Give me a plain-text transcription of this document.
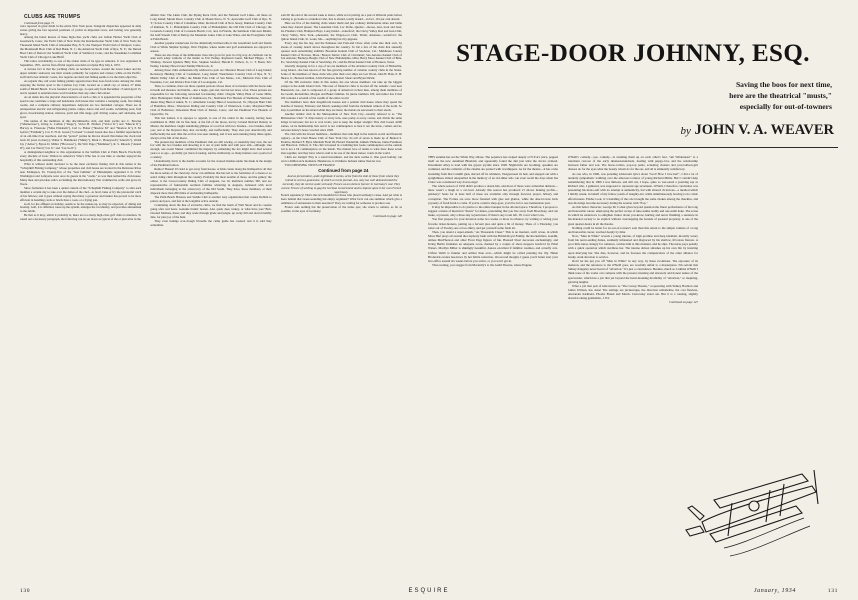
CLUBS ARE TRUMPS

Continued from page 71

were reported in great detail in the entire New York press. Telegram dispatches appeared in daily extras giving the fast reported positions of yachts in important races, and betting was generally heavy.

Among the better known of these high-class yacht clubs are: Indian Harbor Yacht Club of Greenwich, Conn.; the Yacht Club of New York; the Knickerbocker Yacht Club of New York; the Thousand Island Yacht Club of Alexander Bay, N. Y.; the Westport Yacht Club of Westport, Conn.; the Monmouth Boat Club of Red Bank, N. J.; the American Yacht Club of Rye, N. Y.; the Detroit Boat Club of Detroit; the Stamford Yacht Club of Stamford, Conn.; and the Susanhaka Corinthian Yacht Club of Chicago's Lake Bluff.

This latter, incidentally, is one of the oldest clubs of its type in America. It was organized in September, 1871, and its first official regatta was held on Oyster Bay July 4, 1872.

A curious fact is that the yachting clubs on northern waters, around the Great Lakes and the upper Atlantic seaboard, use their vessels primarily for regattas and cruises; while on the Pacific, Gulf and lower Atlantic coasts, few regattas are held and fishing seems to be the main objective.

As regards this, salt water fishing plainly appeals more than does fresh water. Among the clubs enjoying the former sport is the Catalina Cay Club, located on a small cay, or island, 27 miles south of Miami Beach. It was founded 14 years ago, is open only from December 15 until April 15, and is reputed to entertain more world notables than any other club extant.

As an index into the physical characteristics of such a club, it is appended the properties of the special one constitute a large and handsome club house that contains a lounging room, five dining rooms, and a complete culinary department. Adjacent are two furnished cottages. There are in juxtaposition electric and refrigerating plants, ramps, dance and surf rooms, swimming pool, fruit grove, broadcasting station, wharves, pavil and rifle range, golf driving course, surf airdrome, and sport.

The names of the members of this discriminative club, and their yachts are: C. Bowder ("Mannerwee"), Irving A. Collins ("Tango"), Victor H. Ehrhart ("Victor K") and "Muscle II"), Harvey A. Firestone ("Miss Elizabeth"), Carl G. Fisher ("Shadow M" and "Shadow K"), P. M. Gefart ("Fairhulk"), Col. E. H. R. Green ("Colonel" Colonel Green also has a faithful reproduction of an old-time river steerboat, and the "period" parties he throws aboard this makes the clock turn back 20 years in merry), Walter S. Hammond ("Mirny"), Mark C. Honeywell ("Altervix"), Walsh Jay ("Adios"), Byron D. Miller ("Brown-ie"), Du Witt Page ("Mammee"), R. S. Rhoads ("Anand II"), and Car Ward ("Car Jr." and "Car-So II").

A distinguished neighbor to this organization is the Sailfish Club at Palm Beach. Practically every disciple of Isaac Walton in America's Who's Who has at one time or another enjoyed the hospitality of this outstanding club.

What is without doubt declared to be the most exclusive fishing club in this nation is the "Schuylkill Fishing Company," whose properties and club house are located in the Delaware River near Eddington, Pa. Twenty-five of the "best families" of Philadelphia organized it in 1732. Washington and Lafayette were once its guests in the "castle," as was then termed the club-house. Many men and priceless relics acclaiming the Revolutionary War crammed its walls and grace its floors.

Since formation it has been a quaint custom of the "Schuylkill Fishing Company" to allot each member a certain day to take over the duties of the chef—to broil, bake or fry the piscatorial catch of his fellows; and it goes without saying that many a governor and banker has proved to be more efficient in handling cards or briefs than a cook, or a frying pan.

Golf, for the affluent on holiday, seems to be the runner-up, as may be expected, of dining and boating. Golf, it is affirmed, tones up the system, enlarges the vocabulary, and provides amusement to the subtle.

Be that as it may, which it probably is, there are too many high-class golf clubs to mention. To round out a necessary paragraph, the following can be set down as typical of the or plus ultra in the

athletic line: The Links Club, the Piping Rock Club, and the National Golf Links—all these on Long Island; Mount Kisco Country Club of Mount Kisco, N. Y.; Apawamis Golf Club of Rye, N. Y.; Scioto Country Club of Columbus, Ohio; the Knoll Club of New Jersey; Rumson Country Club of Rumson, N. J.; Philadelphia Country Club of Philadelphia; the Old Elm Club of Chicago; the Coronado Country Club of Coronado Beach, Cal.; and, in Florida, the Seminole Club near Miami, the Gulf Stream Club at Delray, the Mountain Lakes Club at Lake Wales, and the Everglades Club at Palm Beach.

Another popular rendezvous for the athletically inclined elite is the Greenbrier Golf and Tennis Club at White Sulphur Springs, West Virginia, where tennis and golf tournaments are enjoyed in season.

There are also those of the millionaire class who go in for polo in a big way. At clubdom can be seen such adept winfolio of the mallet as Eric Pedley, Raymond Guest, Michael Phipps, J. H. Whitney, Stewart Iglehart, Billy Post, Stephen Sanford, Harold E. Talbott, Jr., C. T. Boutt, Eric Pedley, Lindsey Howard and Tommy Hitchcock, Jr.

Among those clubs enthusiastically addicted to polo are: Meadow Brook Club of Long Island; Rockaway Hunting Club of Cedarhurst, Long Island; Westchester Country Club of Rye, N. Y.; Miami Valley Club of Ohio; the Miami Polo Club of San Mateo, Cal.; Midwick Polo Club of Pasadena, Cal.; and Riviera Polo Club of Los Angeles, Cal.

Then, to continue, there are those opulent persons whose ideas of recreation with the horse take in heath and meadow and hurdle—also a bugle, gun and, last but not least, a fox. These persons are responsible for the following renowned fox-hunting clubs: Chagrin Valley Hunt of Gates Mills, Ohio; Huntingdon Valley Hunt of Jenkintown, Pa.; Shelburne Fox Hounds of Shelburne, Vermont; Aiken Drag Hunt of Aiken, N. C.; Albemarle County Hunt of Greenwood, Va.; Myopia Hunt Club of Hamilton, Mass.; Watertown Riding and Country Club of Watertown, Conn.; Maryland Hunt Club of Baltimore; Onwentsia Hunt Club of Darien, Conn.; and the Piedmont Fox Hounds of Upperville, Va.

This last named, it is apropos to append, is one of the oldest in the country, having been established in 1840. On its fine hunt, at the fall of the moon, led by Colonel Richard Dulany as Master, the members caught tantalizing glimpse of a red fox with two brushes—two brushes, mind you; and at the Reynard they shot excitedly, and ineffectually. They shot just anarchically and ineffectually the next time the red fox was seen running, and it was seen running many times again, always at the full of the moon.

The present-day members of the Piedmont club are still sawing, or staunchly they aver, the red fox with the two brushes and shooting at it out of pain habit and with poor aim—although, true enough, one recent Master committed the majesty by remarking the fox might have died several years or so ago—probably got tired of teasing, said he stubbornly, so many hunters over a period of a century.

Undoubtedly, but it is the double accounts for the creased brushes under the mask in the design of the Piedmont button.

Rumor! Honest! It's hard to get away from horses. A brisk canter along the bridlepath is all that the more sedate of the chevrony clever can ambition that has led to the formation of a dozen or so select riding clubs throughout the country. Probably the most notable of these, and the gamey: the oldest, is the Cross-Country Riding Club of Augusta, Ga. Its members number 300, and are representative of fashionable northern families wintering in Augusta, bolstered with local individuals belonging to the aristocracy of the Old South. They have, these members, at their disposal more than 200 miles of enchanting bridlepaths.

The Palm Beach Harness and Saddle Club is another tony organization that causes Dobbin to prance and pace, and feet at the longtime active outside.

Continuing down the line of exclusive clubs, we find the beam of Wall Street and its cousins going after real bears. Genuine bruins' beaten. Also quail, deer, turkey, or what have you? Bob-blooded Molians, these; and they wade through glade and jungle, up rocky hill and down brambly dale, for pure joy of the hunt.

They even indulge scot-clough bivouths the camp guide has cooked; and it is said they sometimes

wait till the end of the second week to shave, while as far parting on a pair of different pants before barking to go home to a hundred valet, that is absurd, totally absurd—in fact, 101 per cent absurd.

Here are five of the hunting clubs where multi and just ordinary millionaires share and bathe when they darned please: The Lauentian Club, Lac Perlie, Quebec—moose, deer, trout and bass; the Flanders Club, Hampton Bays, Long Island—waterfowl; the Chevy Valley Rod and Gun Club, Chevy Valley, New York—pheasants; the Wagon-oca Club, Yuriel, Arkansas—waterfowl; the Quiver Island Club, St. Louis, Mo.—anything but city-pigeons.

Every dog has his day, and the Pekinese and Pom-and Chow often come into their own, by means of swanky bench shows throughout the country. To list a few of the clubs that annually sponsor such entertaining exhibits: Brookton Kennel Club of Stockton, Cal.; Middlesex County Kennel Club of Newton, Mass.; Boston Terrier Club of Cincinnati; San Antonio Kennel Club of San Antonio; Buckeye Beagle Club of New Philadelphia, Ohio; Berry Moor Kennel Club of Bala, Pa.; Sewickley Kennel Club of Sewickley, Pa.; and the Dixie Kennel Club of Houston, Texas.

Literally dropping in for a cup of tea are members of the Aviation Country Club of Hicksville, Long Island—the best known of the fast-growing number of aviation country clubs in the States. Some of the members of these clubs who pilot their own ships are Gar Wood, John H. Hale, E. H. Hearst, Jr., Bernard Gimbel, Alvin Patterson, Robert Stuart and Bryan DuVal.

Of the 300 exclusive clubs in this nation, the one whose members can take up the biggest jackpot is the Adult Island Club. This nest of financial clubs is located off the Atlantic coast near Brunswick, Ga., and is composed of a group of America's richest men, among them members of the Gould, Rockefeller, Morgan and Baker families. Its junior numbers 100, and rumor has it that 100 contains a seventh of the wealth of the entire world.

The members have their magnificent houses and a palatial club house where they spend the months of January, February and March, seeking relief from the inclement winters of the north. So may is permitted on the island while they are there; the maids are surcessant to their snarls.

Another similar club in the Metropolitan of New York City—usually referred to as "The Millionaires Club." It drips luxury at every turn, uses pomp at every corner, and divide the same things in between; but not to wax ironic, just to keep the ledger straight: This club boasts 4,000 names, on its membership lists and it is not commonplace to hear it not the turns, comers and in-between luxury's been crowded since 1828.

The club with the fewest members—members that rank high in the nation's social and financial registry—is the Chart House Club of New York City. Its roll of seven is made up of Benton S. Prentice, Richard F. Byrd, Marshall Field III, Harold Vanderbilt, Almeric Hebreus, James Fenimore and Harold A. Talbott, Jr. The club is housed in a building that looks commonplace on the outside but is not a bit commonplace on the inside. The mutual love of tennis is what drew these seven men together, and they have what is said to be one of the finest indoor courts in the world.

Clubs are trumps! Play is a suard investment, and the deck realise it. One good holiday can avert a million sick moments. Henderson, is it hitherto luckiest rumor than he wot.

TWO OPPOSING VIEWS OF FRANCE

Continued from page 24

And as preventative, quite legitimate it seems, arise from the side of those from whom they intend to wrest a guarantee, of which a recent journal, too, only too well demonstrated the necessity, they do receive quite seriously France as an ubela is forever in Germany's war. They accuse France of wishing to gag the German Government and to impose upon it her own French supremacy.

French supremacy! That's the rich mouthful for those who plead Germany's cause. And yet what is there behind that sweet-sounding but empty argument? What facts can one summon which give a semblance of seriousness to their assertion? They are waiting for someone to produce one.

France asks nothing but the preservation of the status quo; she wants to remain, as far as possible, in the eyes of Germany.

Continued on page 140

STAGE-DOOR JOHNNY, ESQ.
Saving the boos for next time,
here are the theatrical "musts,"
especially for out-of-towners
by JOHN V. A. WEAVER

THIS autumn has set the White Way ablaze. The populace has swiped deeply at N.Y.A's juice, pepped itself on the new autumnal Bluebird, and apparently found the diet just what the doctor ordered. Investment Alley is loud with the gayest joyride since 1928. Nightclubs are booming, speakies are crammed, and the cellarists of the cinema are packed with worshippers. As for the theatre—it has come bounding from that Catskill glen, shaved off its whiskers, b'keypressed its hair, and stepped out with a sprightliness almost unequalled in the memory of an old-timer who can even recall the days when Ina Claire was considered way down-stage!

The whole season of 1932 didn't produce a dozen hits, and most of those were somewhat dubious—there wasn't a laugh in a car-load. Already this season has produced 15 shows making profits—pulckery? Seats for at least half of these are available only through forward, prayer, bribery and corruption. The Forties are once more frenzied with glee and glamor, while the dear-browns back joyously of fresh fresh to come. If you're a native shop-goer, you'd be in for one tremendous year.

It may be impossible to do justice to the entire banquet in the allotted space. Therefore, I propose to suggest a menu of theatrical "musts" for males, pretending that you live away from Broadway, and can make, at present, only a three-day sojourn here. If there's any room left, I'll cover what I can.

You first prepare for your invasion some two weeks or more in advance, by writing or wiring your favorite ticket-brokers, putting up a fervent plea and quite a bit of money. Then, of a Thursday, you totter out of Twenty-one at two-thirty, and get yourself some fresh air.

Then, you attend a super-smash, "As Thousands Cheer." This is an insolent, swift revue, in which Moss Hart plays all around the raspberry bush with the British Royal Family, the Rockefellers, Gandhi, Aimee MacPherson and other Front Page figures of fun. Hassard Short decorates enchantingly, and Irving Berlin furnishes an adequate score, marked by a couple of show-stoppers hotcha'd by Ethel Waters. Marilyn Miller is shiningly beautiful, dances excellent if familiar routines, and actually acts. Clifton Webb is funnier and subtler than ever—which might be called painting the lily. Helen Broderick evokes hee-haws by her brittle sadaction. On second thought, I guess you'd better start your box-office assault six weeks before you arrive, or you won't get in.

That evening, you stagger from Moriarity's to the Guild Theatre, where Eugene

O'Neill's comedy—yes, comedy—is standing them up on each other's feet. "Ah Wilderness!" is a trenchant cartoon of the early nineteen-hundreds, dealing with puppy-love and the relationship between father and son. The horse-collars, pop-top pants, actuating clusters and post-Gibson-girl dresses do for the eyes what the beauty whom do for the ear, and all is eminently satisfactory.

As one who, in 1906, was parading adolescent lyrics about "God! How I love her!", I did a lot of tenderly sympathetic writhing over the amorous tortures of young Richard Miller. But I couldn't help remembering that in 1906 I was thirteen, and still not, I hope, quite so wet-eared a yearning sap as Richard who, I gathered, was supposed to represent age seventeen. O'Neill, I therefore concluded, was presenting his mono-self with no attempt at authenticity, but with shrewd victorious—a method which I mildly resent, in behalf of my fellow-youth of naughty-six, while simultaneously bowing to its comic effectiveness. Elisha Cook, Jr.'s handling of the role brought me some chokes among the chuckles, and non-blowings become necessary during his session with "Pop."

As this better character, George M. Cohan gives beyond question the finest performance of his long and honorable career, employing the perfect recipe of nine-tenths reality and one-tenth hoke. The scene in which he endeavors to enlighten Junior about you-know, hurting and never finishing a sentence in his manatal society to be explicit without overstepping the bounds of parental propriety, is one of the great quarter-hours in all the theatre.

Nothing could be better for an out-of-towner's soul than this return to the simple vanities of a long and honorable career, touched deeply by time.

Now, "Men in White" reveals a young interne, of high promise and deep idealism, mortally weary from his never-ending duties, suddenly infatuated and disgraced by his shallow, frivolous fiancée. A poor little nurse, hungry for romance, catches him at this moment, and he slips. The nurse pays penalty with a quick operation which sterilizes her. The interne almost smashes up his own life by insisting upon marrying her. She dies, however, and he foresees the compunctions of the other alliance for honky, stark devotion to service.

Don't let me put you off "Men in White" in any way, by these evolutions. The exposure of its skeleton, and the reference to the O'Neill goes, are woefully unfair to a masterpiece. I'm certain that Sidney Kingsley never heard of "Abortion." It's just a coincidence. Besides, much as I admire O'Neill I think none of his works can compare with the present arresting and sincerely and honest nature of the spectacular, which has a job that yet beyond the heart-breaking morbidity of "Abortion," so inspiring, glowing heights.

What a job that pair of kids knows as "The Group Theatre," cooperating with Sidney Harmon and James Ullman, has done! The settings are picturesque, the direction remarkable, the cast flawless, Alexander Kirkland, Phoebe Brand and Morris Carnovsky stand out. But it is a rousing, slightly absurd-looking gentleman, J. Ed-

Continued on page 147

130	ESQUIRE	January, 1934	131
